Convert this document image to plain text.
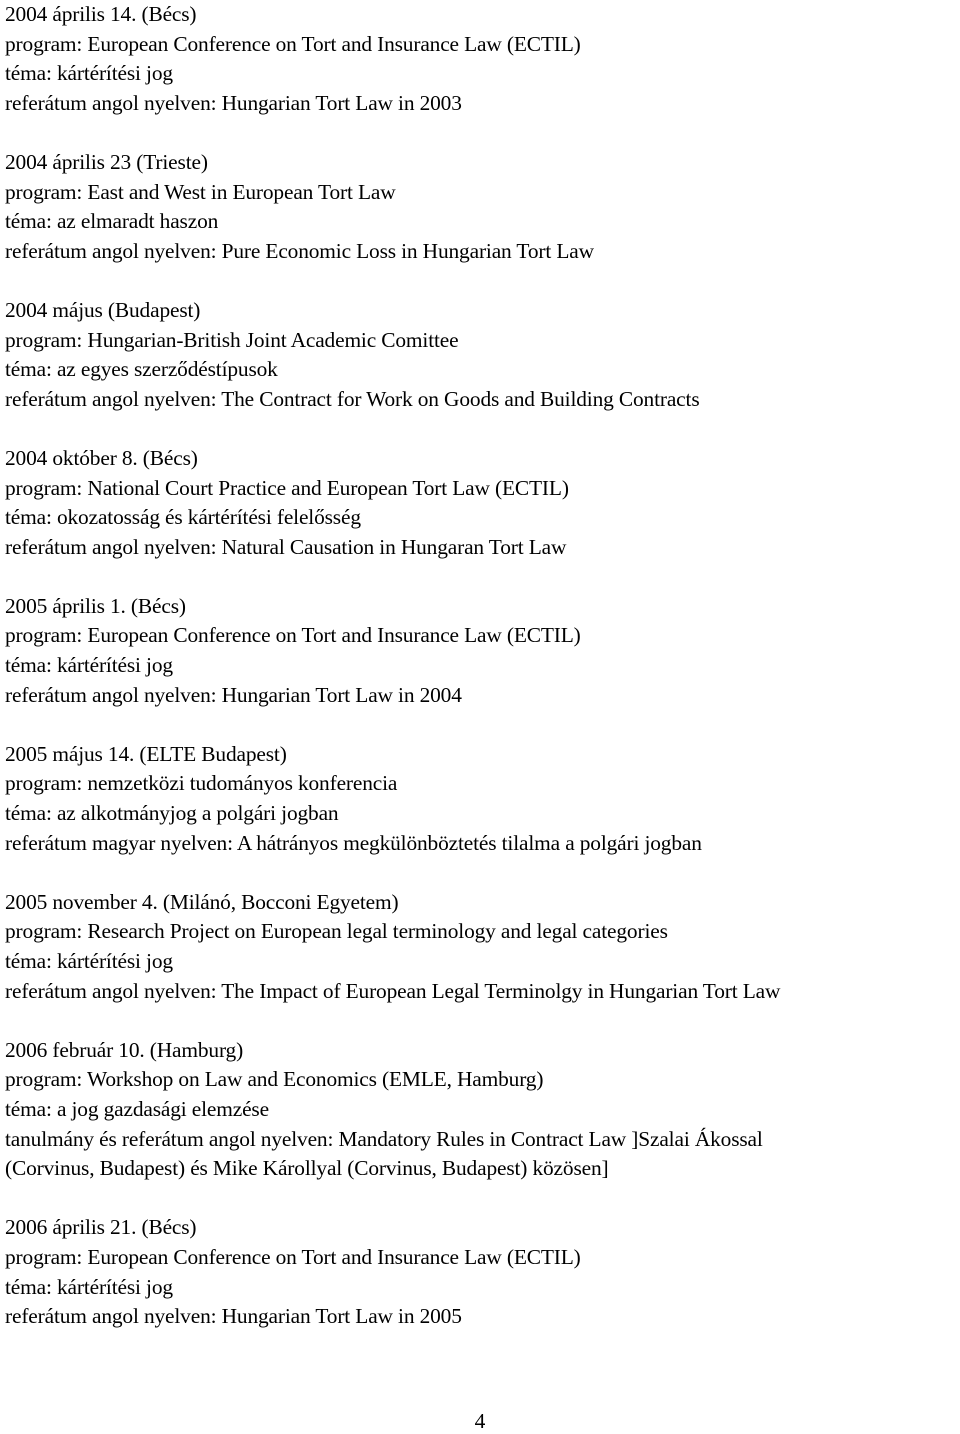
2004 április 14. (Bécs)
program: European Conference on Tort and Insurance Law (ECTIL)
téma: kártérítési jog
referátum angol nyelven: Hungarian Tort Law in 2003
2004 április 23 (Trieste)
program: East and West in European Tort Law
téma: az elmaradt haszon
referátum angol nyelven: Pure Economic Loss in Hungarian Tort Law
2004 május (Budapest)
program: Hungarian-British Joint Academic Comittee
téma: az egyes szerződéstípusok
referátum angol nyelven: The Contract for Work on Goods and Building Contracts
2004 október 8. (Bécs)
program: National Court Practice and European Tort Law (ECTIL)
téma: okozatosság és kártérítési felelősség
referátum angol nyelven: Natural Causation in Hungaran Tort Law
2005 április 1. (Bécs)
program: European Conference on Tort and Insurance Law (ECTIL)
téma: kártérítési jog
referátum angol nyelven: Hungarian Tort Law in 2004
2005 május 14. (ELTE Budapest)
program: nemzetközi tudományos konferencia
téma: az alkotmányjog a polgári jogban
referátum magyar nyelven: A hátrányos megkülönböztetés tilalma a polgári jogban
2005 november 4. (Milánó, Bocconi Egyetem)
program: Research Project on European legal terminology and legal categories
téma: kártérítési jog
referátum angol nyelven: The Impact of European Legal Terminolgy in Hungarian Tort Law
2006 február 10. (Hamburg)
program: Workshop on Law and Economics (EMLE, Hamburg)
téma: a jog gazdasági elemzése
tanulmány és referátum angol nyelven: Mandatory Rules in Contract Law ]Szalai Ákossal
(Corvinus, Budapest) és Mike Károllyal (Corvinus, Budapest) közösen]
2006 április 21. (Bécs)
program: European Conference on Tort and Insurance Law (ECTIL)
téma: kártérítési jog
referátum angol nyelven: Hungarian Tort Law in 2005
4
